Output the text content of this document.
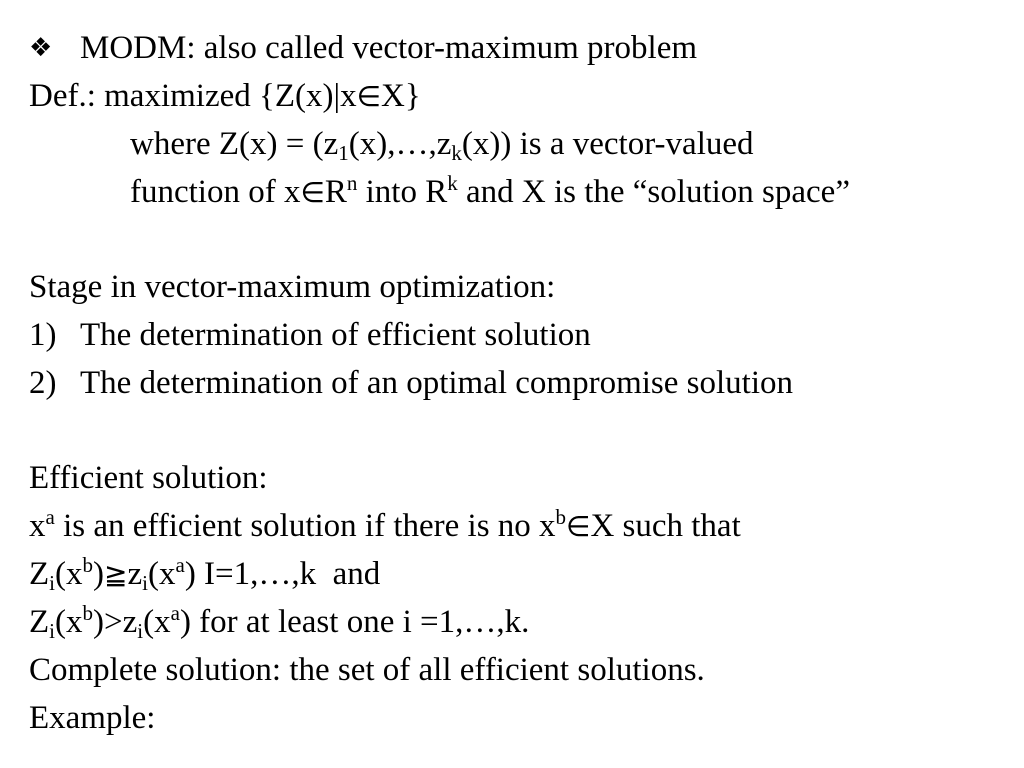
❖ MODM: also called vector-maximum problem
Def.: maximized {Z(x)|x∈X}
where $Z(x) = (z_1(x),\dots,z_k(x))$ is a vector-valued
function of $x\in R^n$ into $R^k$ and X is the “solution space”
Stage in vector-maximum optimization:
1) The determination of efficient solution
2) The determination of an optimal compromise solution
Efficient solution:
$x^a$ is an efficient solution if there is no $x^b\in X$ such that
$Z_i(x^b)≧z_i(x^a)$ I=1,…,k  and
$Z_i(x^b)>z_i(x^a)$ for at least one i =1,…,k.
Complete solution: the set of all efficient solutions.
Example:
